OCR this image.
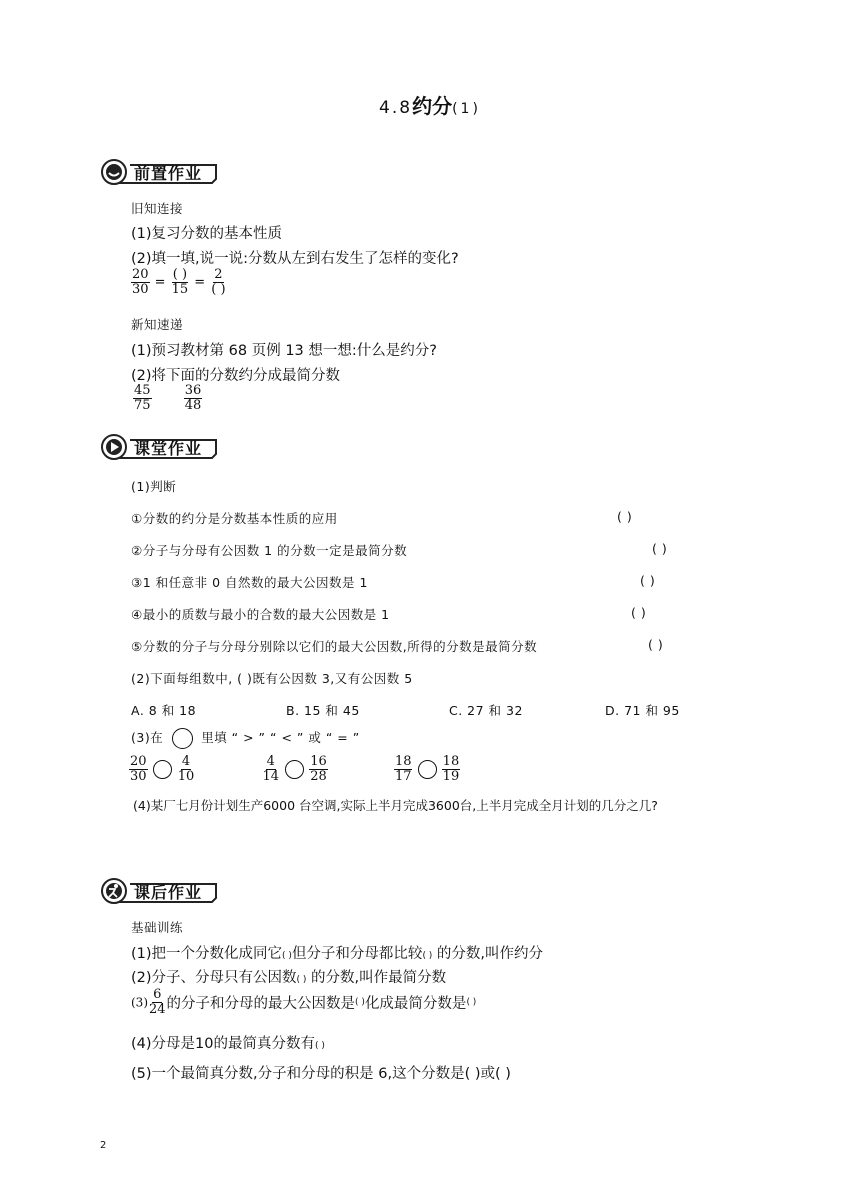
4.8约分(1)
前置作业
旧知连接
(1)复习分数的基本性质
(2)填一填,说一说:分数从左到右发生了怎样的变化?
$\frac{20}{30} = \frac{( )}{15} = \frac{2}{( )}$
新知速递
(1)预习教材第 68 页例 13 想一想:什么是约分?
(2)将下面的分数约分成最简分数
$\frac{45}{75}$
$\frac{36}{48}$
课堂作业
(1)判断
①分数的约分是分数基本性质的应用	( )
②分子与分母有公因数 1 的分数一定是最简分数	( )
③1 和任意非 0 自然数的最大公因数是 1	( )
④最小的质数与最小的合数的最大公因数是 1	( )
⑤分数的分子与分母分别除以它们的最大公因数,所得的分数是最简分数	( )
(2)下面每组数中, ( )既有公因数 3,又有公因数 5
A. 8 和 18	B. 15 和 45	C. 27 和 32	D. 71 和 95
(3)在	里填 “ > ” “ < ” 或 “ = ”
$\frac{20}{30}$
$\frac{4}{10}$
	$\frac{4}{14}$
$\frac{16}{28}$
	$\frac{18}{17}$
$\frac{18}{19}$
(4)某厂七月份计划生产6000 台空调,实际上半月完成3600台,上半月完成全月计划的几分之几?
课后作业
基础训练
(1)把一个分数化成同它( )但分子和分母都比较( ) 的分数,叫作约分
(2)分子、分母只有公因数( ) 的分数,叫作最简分数
$(3) \frac{6}{24}$ 的分子和分母的最大公因数是( )化成最简分数是( )
(4)分母是10的最简真分数有( )
(5)一个最简真分数,分子和分母的积是 6,这个分数是( )或( )
2
